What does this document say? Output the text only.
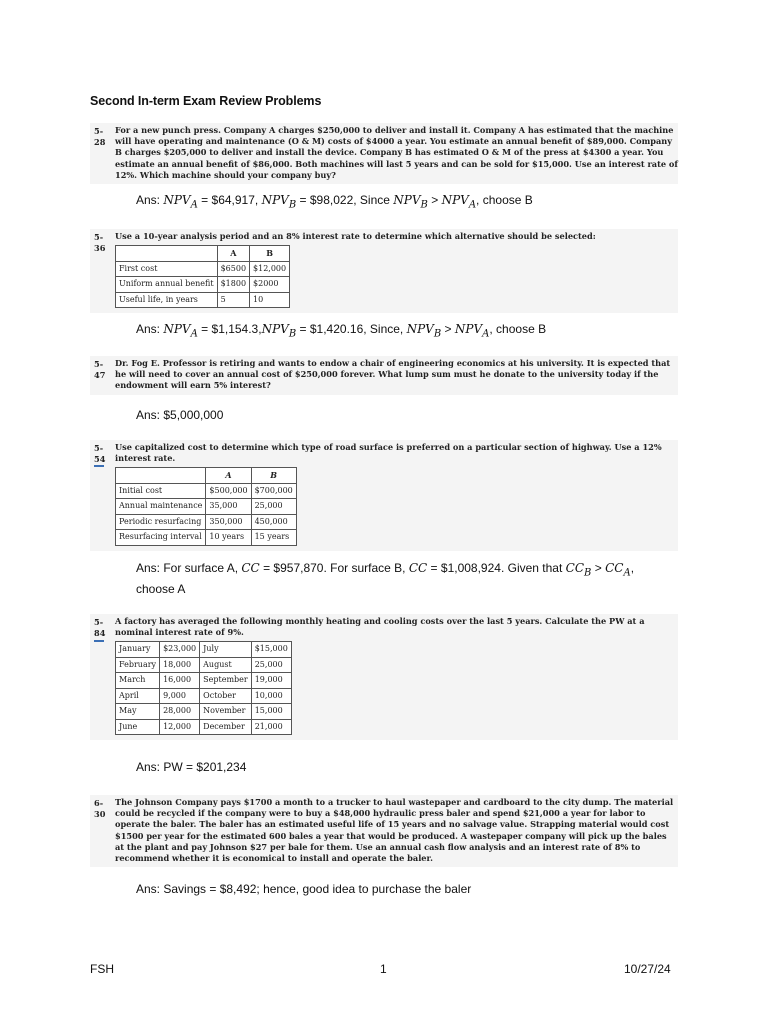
Second In-term Exam Review Problems
5-
28
For a new punch press. Company A charges $250,000 to deliver and install it. Company A has estimated that the machine will have operating and maintenance (O & M) costs of $4000 a year. You estimate an annual benefit of $89,000. Company B charges $205,000 to deliver and install the device. Company B has estimated O & M of the press at $4300 a year. You estimate an annual benefit of $86,000. Both machines will last 5 years and can be sold for $15,000. Use an interest rate of 12%. Which machine should your company buy?
Ans: $NPV_A$ = $64,917, $NPV_B$ = $98,022, Since $NPV_B > NPV_A$, choose B
5-
36
Use a 10-year analysis period and an 8% interest rate to determine which alternative should be selected:
	A	B
First cost	$6500	$12,000
Uniform annual benefit	$1800	$2000
Useful life, in years	5	10
Ans: $NPV_A$ = $\$1,154.3,NPV_B$ = $1,420.16, Since, $NPV_B > NPV_A$, choose B
5-
47
Dr. Fog E. Professor is retiring and wants to endow a chair of engineering economics at his university. It is expected that he will need to cover an annual cost of $250,000 forever. What lump sum must he donate to the university today if the endowment will earn 5% interest?
Ans: $5,000,000
5-
54
Use capitalized cost to determine which type of road surface is preferred on a particular section of highway. Use a 12% interest rate.
	A	B
Initial cost	$500,000	$700,000
Annual maintenance	35,000	25,000
Periodic resurfacing	350,000	450,000
Resurfacing interval	10 years	15 years
Ans: For surface A, CC = $957,870. For surface B, CC = $1,008,924. Given that $CC_B > CC_A$,
choose A
5-
84
A factory has averaged the following monthly heating and cooling costs over the last 5 years. Calculate the PW at a nominal interest rate of 9%.
January	$23,000	July	$15,000
February	18,000	August	25,000
March	16,000	September	19,000
April	9,000	October	10,000
May	28,000	November	15,000
June	12,000	December	21,000
Ans: PW = $201,234
6-
30
The Johnson Company pays $1700 a month to a trucker to haul wastepaper and cardboard to the city dump. The material could be recycled if the company were to buy a $48,000 hydraulic press baler and spend $21,000 a year for labor to operate the baler. The baler has an estimated useful life of 15 years and no salvage value. Strapping material would cost $1500 per year for the estimated 600 bales a year that would be produced. A wastepaper company will pick up the bales at the plant and pay Johnson $27 per bale for them. Use an annual cash flow analysis and an interest rate of 8% to recommend whether it is economical to install and operate the baler.
Ans: Savings = $8,492; hence, good idea to purchase the baler
FSH	1	10/27/24
